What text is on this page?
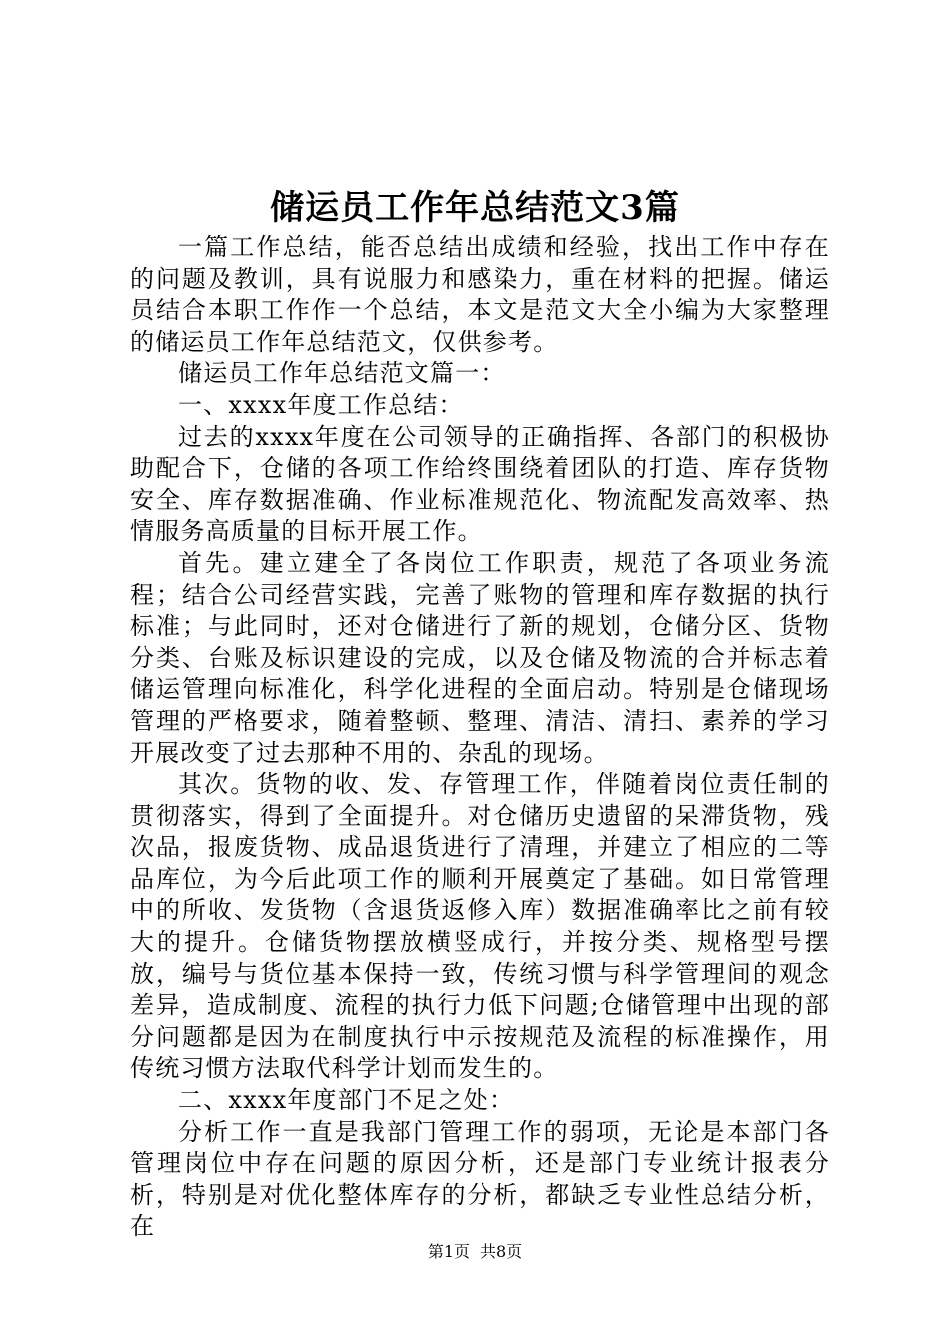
储运员工作年总结范文3篇

一篇工作总结，能否总结出成绩和经验，找出工作中存在的问题及教训，具有说服力和感染力，重在材料的把握。储运员结合本职工作作一个总结，本文是范文大全小编为大家整理的储运员工作年总结范文，仅供参考。

储运员工作年总结范文篇一：

一、xxxx年度工作总结：

过去的xxxx年度在公司领导的正确指挥、各部门的积极协助配合下，仓储的各项工作给终围绕着团队的打造、库存货物安全、库存数据准确、作业标准规范化、物流配发高效率、热情服务高质量的目标开展工作。

首先。建立建全了各岗位工作职责，规范了各项业务流程；结合公司经营实践，完善了账物的管理和库存数据的执行标准；与此同时，还对仓储进行了新的规划，仓储分区、货物分类、台账及标识建设的完成，以及仓储及物流的合并标志着储运管理向标准化，科学化进程的全面启动。特别是仓储现场管理的严格要求，随着整顿、整理、清洁、清扫、素养的学习开展改变了过去那种不用的、杂乱的现场。

其次。货物的收、发、存管理工作，伴随着岗位责任制的贯彻落实，得到了全面提升。对仓储历史遗留的呆滞货物，残次品，报废货物、成品退货进行了清理，并建立了相应的二等品库位，为今后此项工作的顺利开展奠定了基础。如日常管理中的所收、发货物（含退货返修入库）数据准确率比之前有较大的提升。仓储货物摆放横竖成行，并按分类、规格型号摆放，编号与货位基本保持一致，传统习惯与科学管理间的观念差异，造成制度、流程的执行力低下问题;仓储管理中出现的部分问题都是因为在制度执行中示按规范及流程的标准操作，用传统习惯方法取代科学计划而发生的。

二、xxxx年度部门不足之处：

分析工作一直是我部门管理工作的弱项，无论是本部门各管理岗位中存在问题的原因分析，还是部门专业统计报表分析，特别是对优化整体库存的分析，都缺乏专业性总结分析，在

第1页 共8页
